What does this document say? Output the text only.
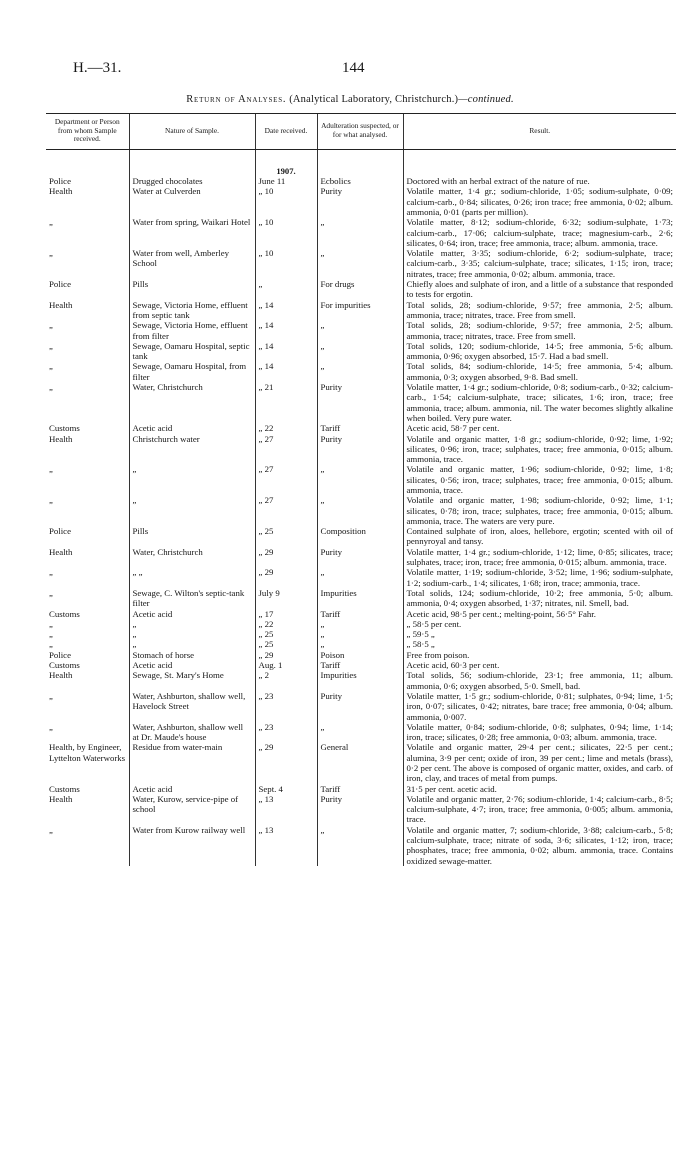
H.—31.	144
Return of Analyses. (Analytical Laboratory, Christchurch.)—continued.
Department or Person from whom Sample received.	Nature of Sample.	Date received.	Adulteration suspected, or for what analysed.	Result.
		1907.		
Police	Drugged chocolates	June 11	Ecbolics	Doctored with an herbal extract of the nature of rue.
Health	Water at Culverden	„ 10	Purity	Volatile matter, 1·4 gr.; sodium-chloride, 1·05; sodium-sulphate, 0·09; calcium-carb., 0·84; silicates, 0·26; iron trace; free ammonia, 0·02; album. ammonia, 0·01 (parts per million).
„	Water from spring, Waikari Hotel	„ 10	„	Volatile matter, 8·12; sodium-chloride, 6·32; sodium-sulphate, 1·73; calcium-carb., 17·06; calcium-sulphate, trace; magnesium-carb., 2·6; silicates, 0·64; iron, trace; free ammonia, trace; album. ammonia, trace.
„	Water from well, Amberley School	„ 10	„	Volatile matter, 3·35; sodium-chloride, 6·2; sodium-sulphate, trace; calcium-carb., 3·35; calcium-sulphate, trace; silicates, 1·15; iron, trace; nitrates, trace; free ammonia, 0·02; album. ammonia, trace.
Police	Pills	„	For drugs	Chiefly aloes and sulphate of iron, and a little of a substance that responded to tests for ergotin.
Health	Sewage, Victoria Home, effluent from septic tank	„ 14	For impurities	Total solids, 28; sodium-chloride, 9·57; free ammonia, 2·5; album. ammonia, trace; nitrates, trace. Free from smell.
„	Sewage, Victoria Home, effluent from filter	„ 14	„	Total solids, 28; sodium-chloride, 9·57; free ammonia, 2·5; album. ammonia, trace; nitrates, trace. Free from smell.
„	Sewage, Oamaru Hospital, septic tank	„ 14	„	Total solids, 120; sodium-chloride, 14·5; free ammonia, 5·6; album. ammonia, 0·96; oxygen absorbed, 15·7. Had a bad smell.
„	Sewage, Oamaru Hospital, from filter	„ 14	„	Total solids, 84; sodium-chloride, 14·5; free ammonia, 5·4; album. ammonia, 0·3; oxygen absorbed, 9·8. Bad smell.
„	Water, Christchurch	„ 21	Purity	Volatile matter, 1·4 gr.; sodium-chloride, 0·8; sodium-carb., 0·32; calcium-carb., 1·54; calcium-sulphate, trace; silicates, 1·6; iron, trace; free ammonia, trace; album. ammonia, nil. The water becomes slightly alkaline when boiled. Very pure water.
Customs	Acetic acid	„ 22	Tariff	Acetic acid, 58·7 per cent.
Health	Christchurch water	„ 27	Purity	Volatile and organic matter, 1·8 gr.; sodium-chloride, 0·92; lime, 1·92; silicates, 0·96; iron, trace; sulphates, trace; free ammonia, 0·015; album. ammonia, trace.
„	„	„ 27	„	Volatile and organic matter, 1·96; sodium-chloride, 0·92; lime, 1·8; silicates, 0·56; iron, trace; sulphates, trace; free ammonia, 0·015; album. ammonia, trace.
„	„	„ 27	„	Volatile and organic matter, 1·98; sodium-chloride, 0·92; lime, 1·1; silicates, 0·78; iron, trace; sulphates, trace; free ammonia, 0·015; album. ammonia, trace. The waters are very pure.
Police	Pills	„ 25	Composition	Contained sulphate of iron, aloes, hellebore, ergotin; scented with oil of pennyroyal and tansy.
Health	Water, Christchurch	„ 29	Purity	Volatile matter, 1·4 gr.; sodium-chloride, 1·12; lime, 0·85; silicates, trace; sulphates, trace; iron, trace; free ammonia, 0·015; album. ammonia, trace.
„	„ „	„ 29	„	Volatile matter, 1·19; sodium-chloride, 3·52; lime, 1·96; sodium-sulphate, 1·2; sodium-carb., 1·4; silicates, 1·68; iron, trace; ammonia, trace.
„	Sewage, C. Wilton's septic-tank filter	July 9	Impurities	Total solids, 124; sodium-chloride, 10·2; free ammonia, 5·0; album. ammonia, 0·4; oxygen absorbed, 1·37; nitrates, nil. Smell, bad.
Customs	Acetic acid	„ 17	Tariff	Acetic acid, 98·5 per cent.; melting-point, 56·5° Fahr.
„	„	„ 22	„	„ 58·5 per cent.
„	„	„ 25	„	„ 59·5 „
„	„	„ 25	„	„ 58·5 „
Police	Stomach of horse	„ 29	Poison	Free from poison.
Customs	Acetic acid	Aug. 1	Tariff	Acetic acid, 60·3 per cent.
Health	Sewage, St. Mary's Home	„ 2	Impurities	Total solids, 56; sodium-chloride, 23·1; free ammonia, 11; album. ammonia, 0·6; oxygen absorbed, 5·0. Smell, bad.
„	Water, Ashburton, shallow well, Havelock Street	„ 23	Purity	Volatile matter, 1·5 gr.; sodium-chloride, 0·81; sulphates, 0·94; lime, 1·5; iron, 0·07; silicates, 0·42; nitrates, bare trace; free ammonia, 0·04; album. ammonia, 0·007.
„	Water, Ashburton, shallow well at Dr. Maude's house	„ 23	„	Volatile matter, 0·84; sodium-chloride, 0·8; sulphates, 0·94; lime, 1·14; iron, trace; silicates, 0·28; free ammonia, 0·03; album. ammonia, trace.
Health, by Engineer, Lyttelton Waterworks	Residue from water-main	„ 29	General	Volatile and organic matter, 29·4 per cent.; silicates, 22·5 per cent.; alumina, 3·9 per cent; oxide of iron, 39 per cent.; lime and metals (brass), 0·2 per cent. The above is composed of organic matter, oxides, and carb. of iron, clay, and traces of metal from pumps.
Customs	Acetic acid	Sept. 4	Tariff	31·5 per cent. acetic acid.
Health	Water, Kurow, service-pipe of school	„ 13	Purity	Volatile and organic matter, 2·76; sodium-chloride, 1·4; calcium-carb., 8·5; calcium-sulphate, 4·7; iron, trace; free ammonia, 0·005; album. ammonia, trace.
„	Water from Kurow railway well	„ 13	„	Volatile and organic matter, 7; sodium-chloride, 3·88; calcium-carb., 5·8; calcium-sulphate, trace; nitrate of soda, 3·6; silicates, 1·12; iron, trace; phosphates, trace; free ammonia, 0·02; album. ammonia, trace. Contains oxidized sewage-matter.
